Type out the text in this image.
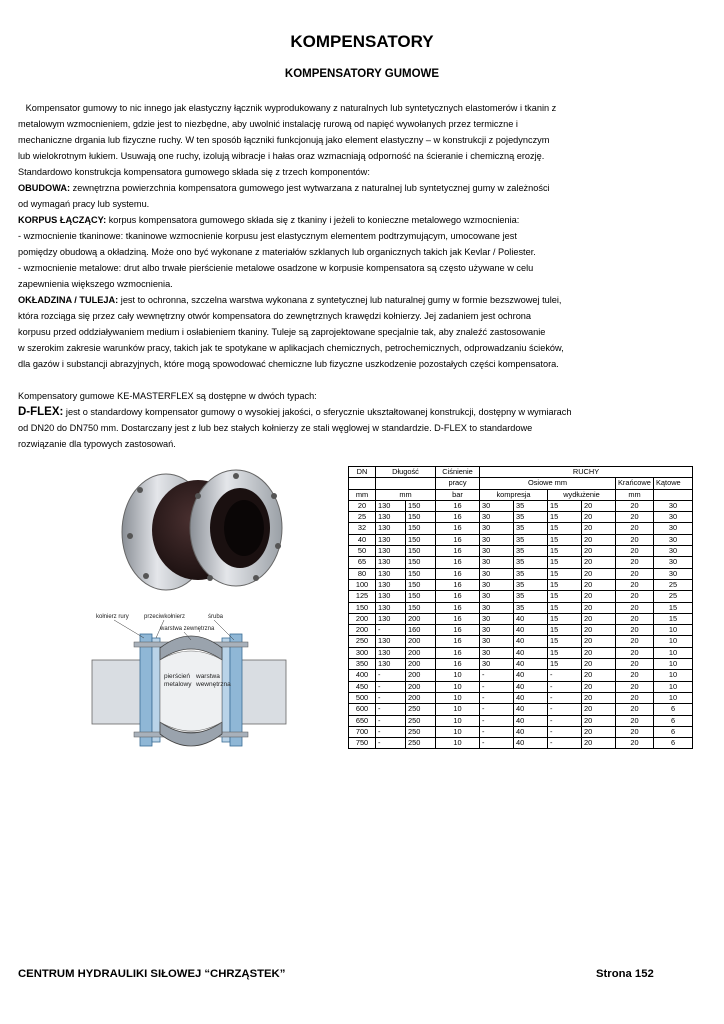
KOMPENSATORY
KOMPENSATORY GUMOWE

Kompensator gumowy to nic innego jak elastyczny łącznik wyprodukowany z naturalnych lub syntetycznych elastomerów i tkanin z

metalowym wzmocnieniem, gdzie jest to niezbędne, aby uwolnić instalację rurową od napięć wywołanych przez termiczne i

mechaniczne drgania lub fizyczne ruchy. W ten sposób łączniki funkcjonują jako element elastyczny – w konstrukcji z pojedynczym

lub wielokrotnym łukiem. Usuwają one ruchy, izolują wibracje i hałas oraz wzmacniają odporność na ścieranie i chemiczną erozję.

Standardowo konstrukcja kompensatora gumowego składa się z trzech komponentów:

OBUDOWA: zewnętrzna powierzchnia kompensatora gumowego jest wytwarzana z naturalnej lub syntetycznej gumy w zależności

od wymagań pracy lub systemu.

KORPUS ŁĄCZĄCY: korpus kompensatora gumowego składa się z tkaniny i jeżeli to konieczne metalowego wzmocnienia:

- wzmocnienie tkaninowe: tkaninowe wzmocnienie korpusu jest elastycznym elementem podtrzymującym, umocowane jest

pomiędzy obudową a okładziną. Może ono być wykonane z materiałów szklanych lub organicznych takich jak Kevlar / Poliester.

- wzmocnienie metalowe: drut albo trwałe pierścienie metalowe osadzone w korpusie kompensatora są często używane w celu

zapewnienia większego wzmocnienia.

OKŁADZINA / TULEJA: jest to ochronna, szczelna warstwa wykonana z syntetycznej lub naturalnej gumy w formie bezszwowej tulei,

która rozciąga się przez cały wewnętrzny otwór kompensatora do zewnętrznych krawędzi kołnierzy. Jej zadaniem jest ochrona

korpusu przed oddziaływaniem medium i osłabieniem tkaniny. Tuleje są zaprojektowane specjalnie tak, aby znaleźć zastosowanie

w szerokim zakresie warunków pracy, takich jak te spotykane w aplikacjach chemicznych, petrochemicznych, odprowadzaniu ścieków,

dla gazów i substancji abrazyjnych, które mogą spowodować chemiczne lub fizyczne uszkodzenie pozostałych części kompensatora.

Kompensatory gumowe KE-MASTERFLEX są dostępne w dwóch typach:

D-FLEX: jest o standardowy kompensator gumowy o wysokiej jakości, o sferycznie ukształtowanej konstrukcji, dostępny w wymiarach

od DN20 do DN750 mm. Dostarczany jest z lub bez stałych kołnierzy ze stali węglowej w standardzie. D-FLEX to standardowe

rozwiązanie dla typowych zastosowań.

kołnierz rury	przeciwkołnierz	śruba
warstwa zewnętrzna
pierścień
metalowy
warstwa
wewnętrzna
DN	Długość		Ciśnienie	RUCHY					
			pracy	Osiowe mm				Krańcowe	Kątowe
mm	mm		bar	kompresja		wydłużenie		mm	
20	130	150	16	30	35	15	20	20	30
25	130	150	16	30	35	15	20	20	30
32	130	150	16	30	35	15	20	20	30
40	130	150	16	30	35	15	20	20	30
50	130	150	16	30	35	15	20	20	30
65	130	150	16	30	35	15	20	20	30
80	130	150	16	30	35	15	20	20	30
100	130	150	16	30	35	15	20	20	25
125	130	150	16	30	35	15	20	20	25
150	130	150	16	30	35	15	20	20	15
200	130	200	16	30	40	15	20	20	15
200	-	160	16	30	40	15	20	20	10
250	130	200	16	30	40	15	20	20	10
300	130	200	16	30	40	15	20	20	10
350	130	200	16	30	40	15	20	20	10
400	-	200	10	-	40	-	20	20	10
450	-	200	10	-	40	-	20	20	10
500	-	200	10	-	40	-	20	20	10
600	-	250	10	-	40	-	20	20	6
650	-	250	10	-	40	-	20	20	6
700	-	250	10	-	40	-	20	20	6
750	-	250	10	-	40	-	20	20	6
CENTRUM HYDRAULIKI SIŁOWEJ “CHRZĄSTEK”	Strona 152
